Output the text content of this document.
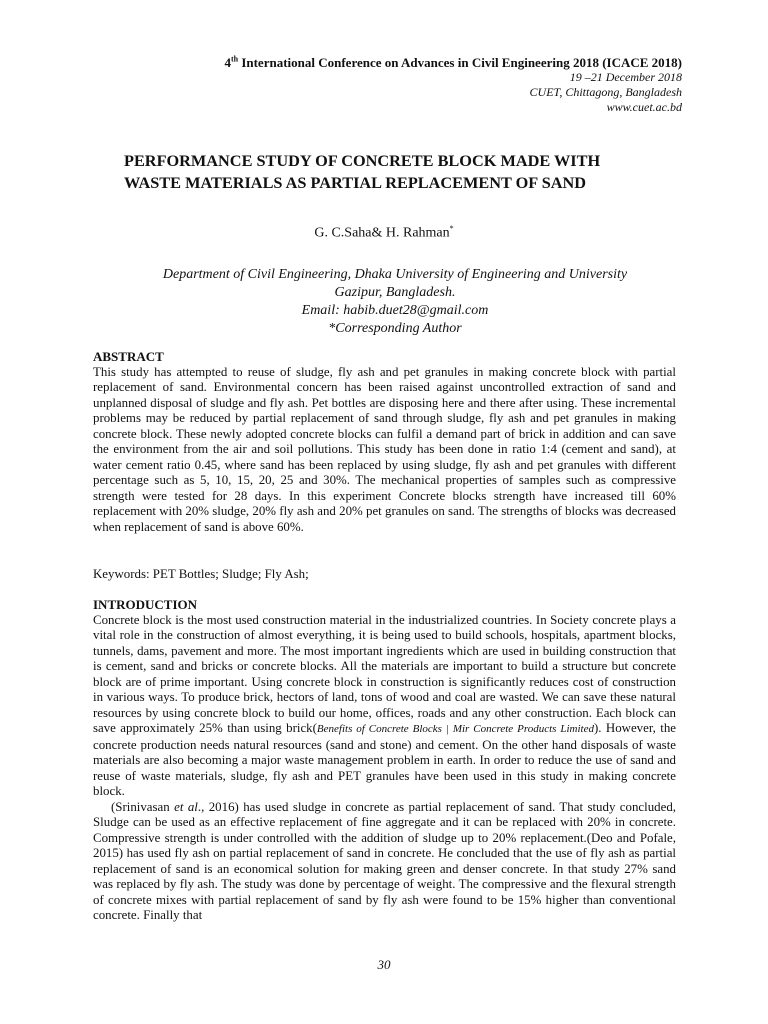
4th International Conference on Advances in Civil Engineering 2018 (ICACE 2018)
19 –21 December 2018
CUET, Chittagong, Bangladesh
www.cuet.ac.bd
PERFORMANCE STUDY OF CONCRETE BLOCK MADE WITH
WASTE MATERIALS AS PARTIAL REPLACEMENT OF SAND
G. C.Saha& H. Rahman*
Department of Civil Engineering, Dhaka University of Engineering and University
Gazipur, Bangladesh.
Email: habib.duet28@gmail.com
*Corresponding Author
ABSTRACT

This study has attempted to reuse of sludge, fly ash and pet granules in making concrete block with partial replacement of sand. Environmental concern has been raised against uncontrolled extraction of sand and unplanned disposal of sludge and fly ash. Pet bottles are disposing here and there after using. These incremental problems may be reduced by partial replacement of sand through sludge, fly ash and pet granules in making concrete block. These newly adopted concrete blocks can fulfil a demand part of brick in addition and can save the environment from the air and soil pollutions. This study has been done in ratio 1:4 (cement and sand), at water cement ratio 0.45, where sand has been replaced by using sludge, fly ash and pet granules with different percentage such as 5, 10, 15, 20, 25 and 30%. The mechanical properties of samples such as compressive strength were tested for 28 days. In this experiment Concrete blocks strength have increased till 60% replacement with 20% sludge, 20% fly ash and 20% pet granules on sand. The strengths of blocks was decreased when replacement of sand is above 60%.

Keywords: PET Bottles; Sludge; Fly Ash;

INTRODUCTION

Concrete block is the most used construction material in the industrialized countries. In Society concrete plays a vital role in the construction of almost everything, it is being used to build schools, hospitals, apartment blocks, tunnels, dams, pavement and more. The most important ingredients which are used in building construction that is cement, sand and bricks or concrete blocks. All the materials are important to build a structure but concrete block are of prime important. Using concrete block in construction is significantly reduces cost of construction in various ways. To produce brick, hectors of land, tons of wood and coal are wasted. We can save these natural resources by using concrete block to build our home, offices, roads and any other construction. Each block can save approximately 25% than using brick(Benefits of Concrete Blocks | Mir Concrete Products Limited). However, the concrete production needs natural resources (sand and stone) and cement. On the other hand disposals of waste materials are also becoming a major waste management problem in earth. In order to reduce the use of sand and reuse of waste materials, sludge, fly ash and PET granules have been used in this study in making concrete block.

(Srinivasan et al., 2016) has used sludge in concrete as partial replacement of sand. That study concluded, Sludge can be used as an effective replacement of fine aggregate and it can be replaced with 20% in concrete. Compressive strength is under controlled with the addition of sludge up to 20% replacement.(Deo and Pofale, 2015) has used fly ash on partial replacement of sand in concrete. He concluded that the use of fly ash as partial replacement of sand is an economical solution for making green and denser concrete. In that study 27% sand was replaced by fly ash. The study was done by percentage of weight. The compressive and the flexural strength of concrete mixes with partial replacement of sand by fly ash were found to be 15% higher than conventional concrete. Finally that

30
